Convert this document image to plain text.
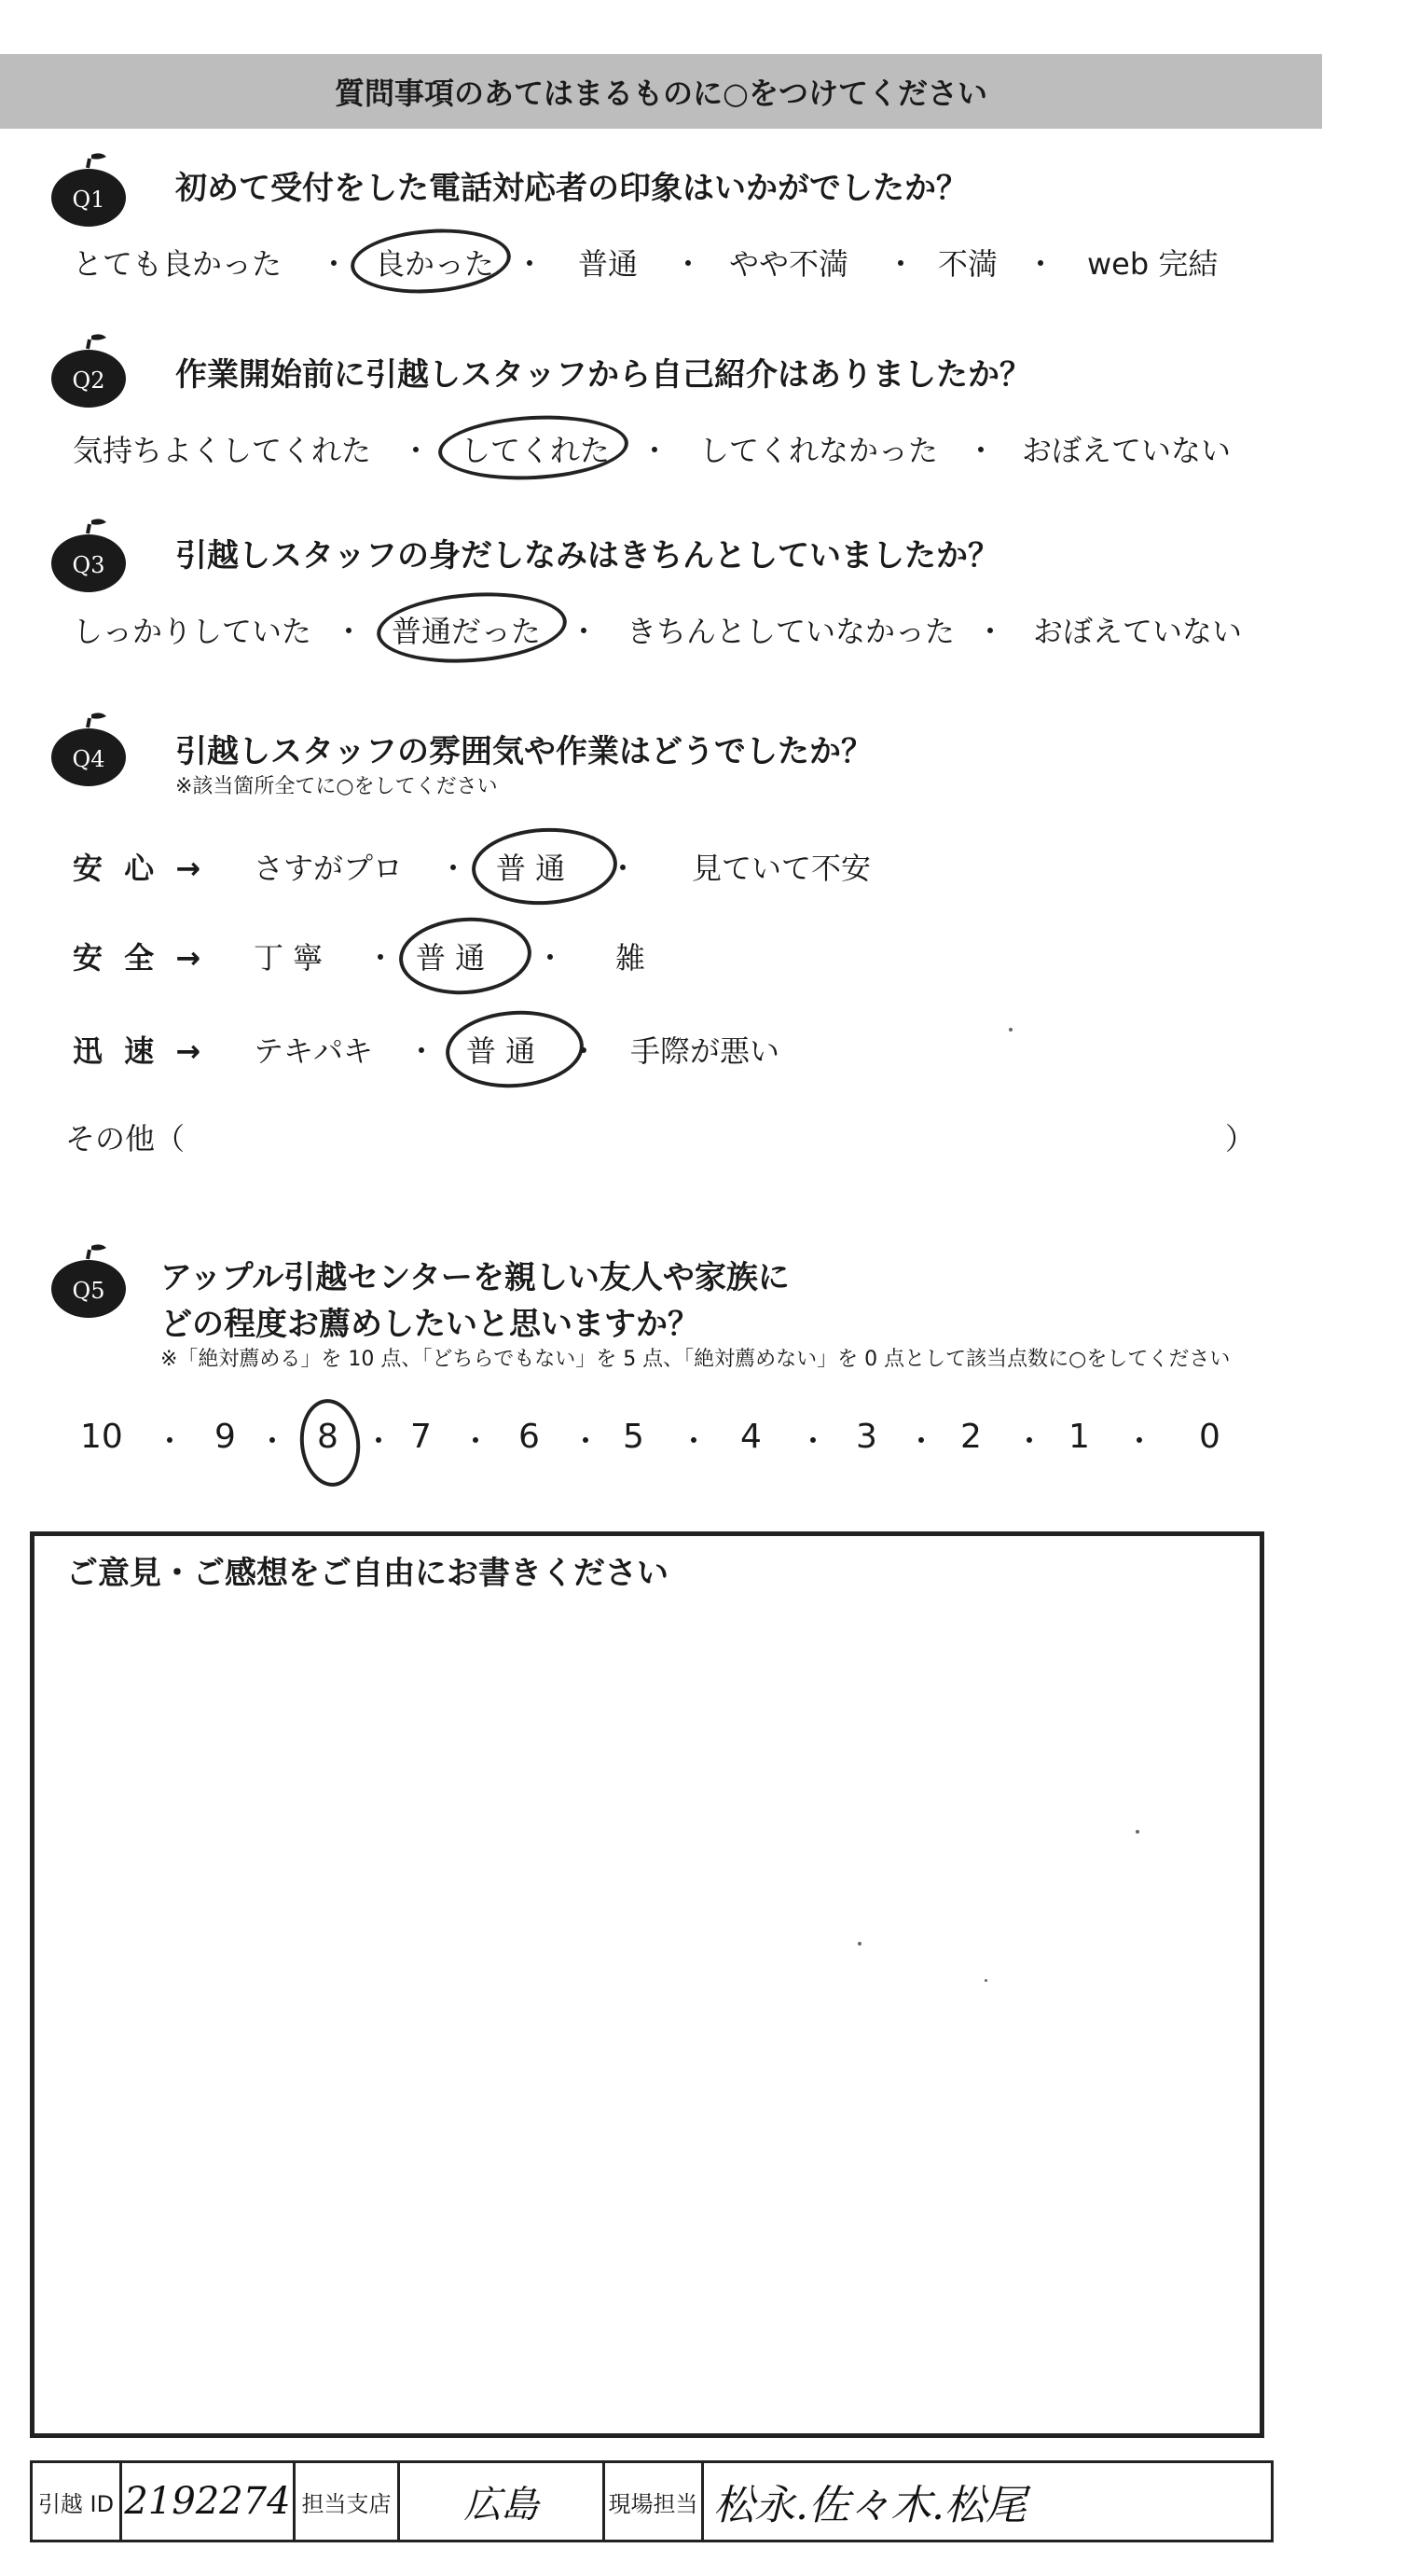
質問事項のあてはまるものに○をつけてください
Q1 初めて受付をした電話対応者の印象はいかがでしたか？
とても良かった ・ 良かった ・ 普通 ・ やや不満 ・ 不満 ・ web 完結
Q2 作業開始前に引越しスタッフから自己紹介はありましたか？
気持ちよくしてくれた ・ してくれた ・ してくれなかった ・ おぼえていない
Q3 引越しスタッフの身だしなみはきちんとしていましたか？
しっかりしていた ・ 普通だった ・ きちんとしていなかった ・ おぼえていない
Q4 引越しスタッフの雰囲気や作業はどうでしたか？
※該当箇所全てに○をしてください
安 心 → さすがプロ ・ 普 通 ・ 見ていて不安
安 全 → 丁 寧 ・ 普 通 ・ 雑
迅 速 → テキパキ ・ 普 通 ・ 手際が悪い
その他（	）
Q5 アップル引越センターを親しい友人や家族に
どの程度お薦めしたいと思いますか？
※「絶対薦める」を 10 点、「どちらでもない」を 5 点、「絶対薦めない」を 0 点として該当点数に○をしてください
10 ・ 9 ・ 8 ・ 7 ・ 6 ・ 5 ・ 4 ・ 3 ・ 2 ・ 1 ・ 0
ご意見・ご感想をご自由にお書きください
引越 ID 2192274 担当支店 広島	現場担当 松永.佐々木.松尾
